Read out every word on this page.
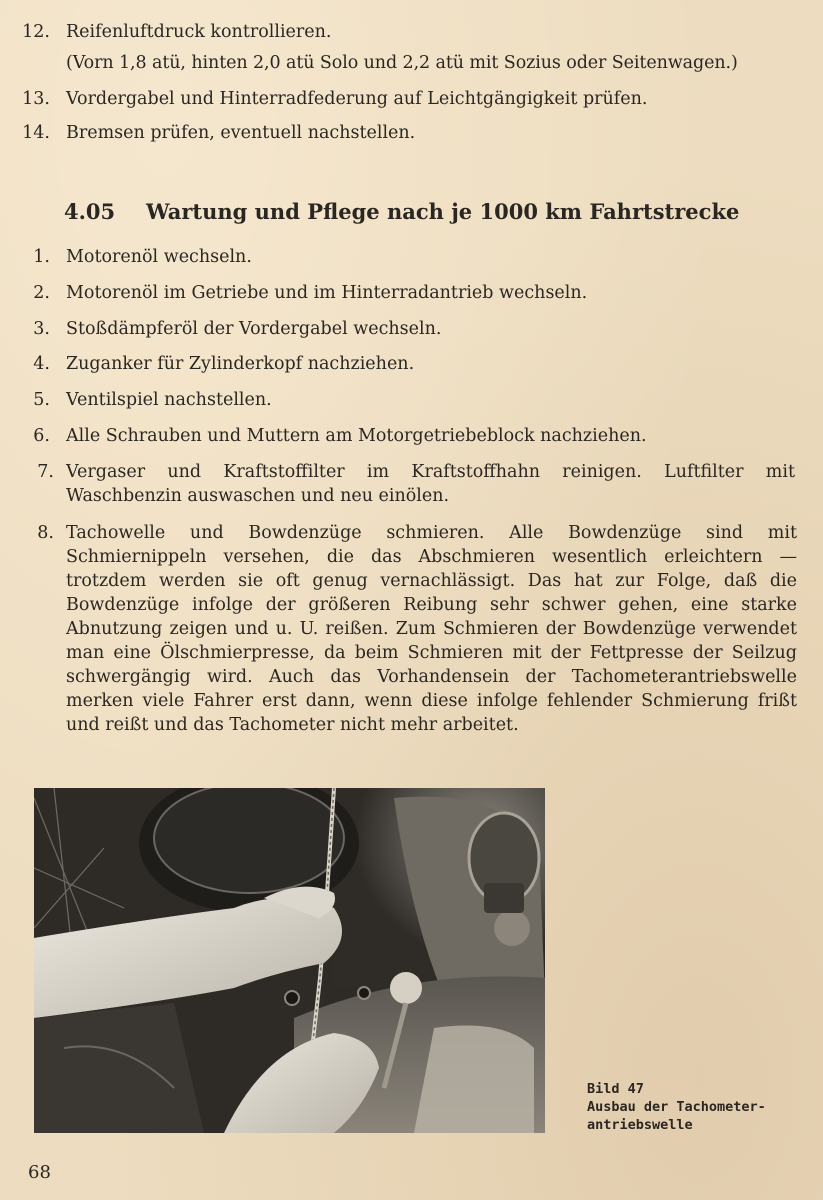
12. Reifenluftdruck kontrollieren.
(Vorn 1,8 atü, hinten 2,0 atü Solo und 2,2 atü mit Sozius oder Seitenwagen.)
13. Vordergabel und Hinterradfederung auf Leichtgängigkeit prüfen.
14. Bremsen prüfen, eventuell nachstellen.
4.05 Wartung und Pflege nach je 1000 km Fahrtstrecke
1. Motorenöl wechseln.
2. Motorenöl im Getriebe und im Hinterradantrieb wechseln.
3. Stoßdämpferöl der Vordergabel wechseln.
4. Zuganker für Zylinderkopf nachziehen.
5. Ventilspiel nachstellen.
6. Alle Schrauben und Muttern am Motorgetriebeblock nachziehen.
7. Vergaser und Kraftstoffilter im Kraftstoffhahn reinigen. Luftfilter mit Waschbenzin auswaschen und neu einölen.
8. Tachowelle und Bowdenzüge schmieren. Alle Bowdenzüge sind mit Schmiernippeln versehen, die das Abschmieren wesentlich erleichtern — trotzdem werden sie oft genug vernachlässigt. Das hat zur Folge, daß die Bowdenzüge infolge der größeren Reibung sehr schwer gehen, eine starke Abnutzung zeigen und u. U. reißen. Zum Schmieren der Bowdenzüge verwendet man eine Ölschmierpresse, da beim Schmieren mit der Fettpresse der Seilzug schwergängig wird. Auch das Vorhandensein der Tachometerantriebswelle merken viele Fahrer erst dann, wenn diese infolge fehlender Schmierung frißt und reißt und das Tachometer nicht mehr arbeitet.
Bild 47
Ausbau der Tachometer-
antriebswelle
68
